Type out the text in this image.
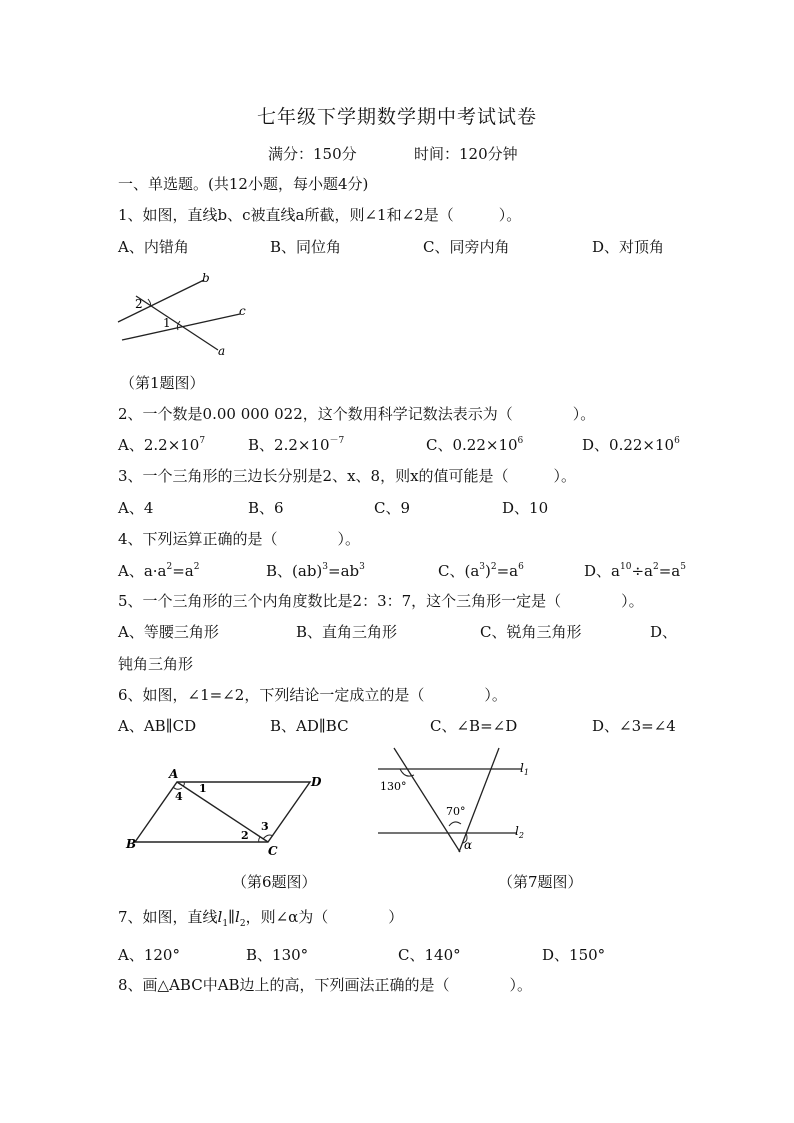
七年级下学期数学期中考试试卷
满分：150分	时间：120分钟
一、单选题。(共12小题，每小题4分)
1、如图，直线b、c被直线a所截，则∠1和∠2是（　　　）。
A、内错角	B、同位角	C、同旁内角	D、对顶角
b
c
a
2
1
（第1题图）
2、一个数是0.00 000 022，这个数用科学记数法表示为（　　　　）。
A、$2.2\times 10^7$	B、$2.2\times 10^{-7}$	C、$0.22\times 10^6$	D、$0.22\times 10^6$
3、一个三角形的三边长分别是2、x、8，则x的值可能是（　　　）。
A、4	B、6	C、9	D、10
4、下列运算正确的是（　　　　）。
A、$a\cdot a^2=a^2$	B、$(ab)^3=ab^3$	C、$(a^3)^2=a^6$	D、$a^{10}\div a^2=a^5$
5、一个三角形的三个内角度数比是2：3：7，这个三角形一定是（　　　　）。
A、等腰三角形	B、直角三角形	C、锐角三角形	D、
钝角三角形
6、如图，∠1=∠2，下列结论一定成立的是（　　　　）。
A、AB∥CD	B、AD∥BC	C、∠B=∠D	D、∠3=∠4
A
D
B	C
1
4
2
3
$l_1$
$l_2$
130°
70°
α
（第6题图）	（第7题图）
7、如图，直线$l_1\parallel l_2$，则∠α为（　　　　）
A、120°	B、130°	C、140°	D、150°
8、画△ABC中AB边上的高，下列画法正确的是（　　　　）。
